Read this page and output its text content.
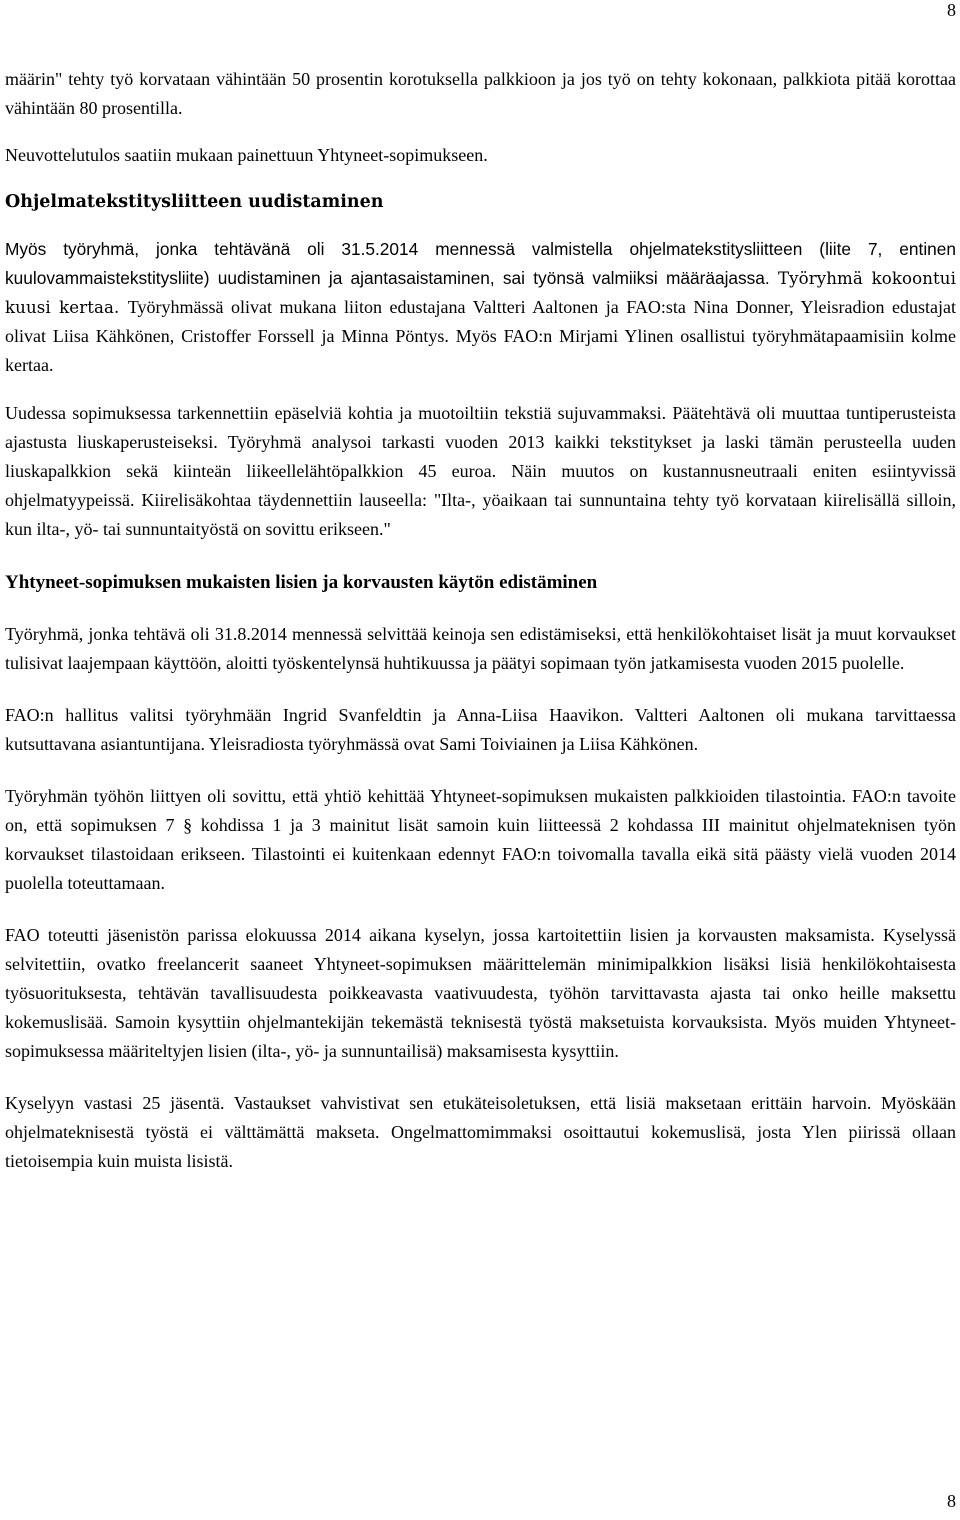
8

määrin" tehty työ korvataan vähintään 50 prosentin korotuksella palkkioon ja jos työ on tehty kokonaan, palkkiota pitää korottaa vähintään 80 prosentilla.

Neuvottelutulos saatiin mukaan painettuun Yhtyneet-sopimukseen.

Ohjelmatekstitysliitteen uudistaminen

Myös työryhmä, jonka tehtävänä oli 31.5.2014 mennessä valmistella ohjelmatekstitysliitteen (liite 7, entinen kuulovammaistekstitysliite) uudistaminen ja ajantasaistaminen, sai työnsä valmiiksi määräajassa. Työryhmä kokoontui kuusi kertaa. Työryhmässä olivat mukana liiton edustajana Valtteri Aaltonen ja FAO:sta Nina Donner, Yleisradion edustajat olivat Liisa Kähkönen, Cristoffer Forssell ja Minna Pöntys. Myös FAO:n Mirjami Ylinen osallistui työryhmätapaamisiin kolme kertaa.

Uudessa sopimuksessa tarkennettiin epäselviä kohtia ja muotoiltiin tekstiä sujuvammaksi. Päätehtävä oli muuttaa tuntiperusteista ajastusta liuskaperusteiseksi. Työryhmä analysoi tarkasti vuoden 2013 kaikki tekstitykset ja laski tämän perusteella uuden liuskapalkkion sekä kiinteän liikeellelähtöpalkkion 45 euroa. Näin muutos on kustannusneutraali eniten esiintyvissä ohjelmatyypeissä. Kiirelisäkohtaa täydennettiin lauseella: "Ilta-, yöaikaan tai sunnuntaina tehty työ korvataan kiirelisällä silloin, kun ilta-, yö- tai sunnuntaityöstä on sovittu erikseen."

Yhtyneet-sopimuksen mukaisten lisien ja korvausten käytön edistäminen

Työryhmä, jonka tehtävä oli 31.8.2014 mennessä selvittää keinoja sen edistämiseksi, että henkilökohtaiset lisät ja muut korvaukset tulisivat laajempaan käyttöön, aloitti työskentelynsä huhtikuussa ja päätyi sopimaan työn jatkamisesta vuoden 2015 puolelle.

FAO:n hallitus valitsi työryhmään Ingrid Svanfeldtin ja Anna-Liisa Haavikon. Valtteri Aaltonen oli mukana tarvittaessa kutsuttavana asiantuntijana. Yleisradiosta työryhmässä ovat Sami Toiviainen ja Liisa Kähkönen.

Työryhmän työhön liittyen oli sovittu, että yhtiö kehittää Yhtyneet-sopimuksen mukaisten palkkioiden tilastointia. FAO:n tavoite on, että sopimuksen 7 § kohdissa 1 ja 3 mainitut lisät samoin kuin liitteessä 2 kohdassa III mainitut ohjelmateknisen työn korvaukset tilastoidaan erikseen. Tilastointi ei kuitenkaan edennyt FAO:n toivomalla tavalla eikä sitä päästy vielä vuoden 2014 puolella toteuttamaan.

FAO toteutti jäsenistön parissa elokuussa 2014 aikana kyselyn, jossa kartoitettiin lisien ja korvausten maksamista. Kyselyssä selvitettiin, ovatko freelancerit saaneet Yhtyneet-sopimuksen määrittelemän minimipalkkion lisäksi lisiä henkilökohtaisesta työsuorituksesta, tehtävän tavallisuudesta poikkeavasta vaativuudesta, työhön tarvittavasta ajasta tai onko heille maksettu kokemuslisää. Samoin kysyttiin ohjelmantekijän tekemästä teknisestä työstä maksetuista korvauksista. Myös muiden Yhtyneet-sopimuksessa määriteltyjen lisien (ilta-, yö- ja sunnuntailisä) maksamisesta kysyttiin.

Kyselyyn vastasi 25 jäsentä. Vastaukset vahvistivat sen etukäteisoletuksen, että lisiä maksetaan erittäin harvoin. Myöskään ohjelmateknisestä työstä ei välttämättä makseta. Ongelmattomimmaksi osoittautui kokemuslisä, josta Ylen piirissä ollaan tietoisempia kuin muista lisistä.

8
